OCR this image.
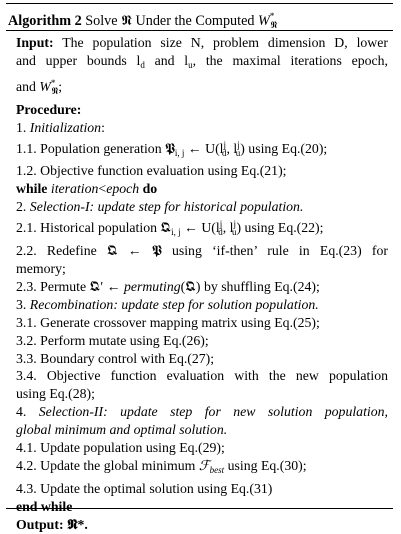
Algorithm 2 Solve 𝕹 Under the Computed $W^*_𝕹$
Input: The population size N, problem dimension D, lower
and upper bounds $l_d$ and $l_u$, the maximal iterations epoch,
and $W^*_𝕹$;
Procedure:
1. Initialization:
1.1. Population generation 𝕻$_{i, j}$ ← $U(l^j_d$, $l^j_u$) using Eq.(20);
1.2. Objective function evaluation using Eq.(21);
while iteration<epoch do
2. Selection-I: update step for historical population.
2.1. Historical population 𝕼$_{i, j}$ ← $U(l^j_d$, $l^j_u$) using Eq.(22);
2.2. Redefine 𝕼 ← 𝕻 using ‘if-then’ rule in Eq.(23) for
memory;
2.3. Permute 𝕼′ ← permuting(𝕼) by shuffling Eq.(24);
3. Recombination: update step for solution population.
3.1. Generate crossover mapping matrix using Eq.(25);
3.2. Perform mutate using Eq.(26);
3.3. Boundary control with Eq.(27);
3.4. Objective function evaluation with the new population
using Eq.(28);
4. Selection-II: update step for new solution population,
global minimum and optimal solution.
4.1. Update population using Eq.(29);
4.2. Update the global minimum ℱ$_{best}$ using Eq.(30);
4.3. Update the optimal solution using Eq.(31)
end while
Output: 𝕹*.
